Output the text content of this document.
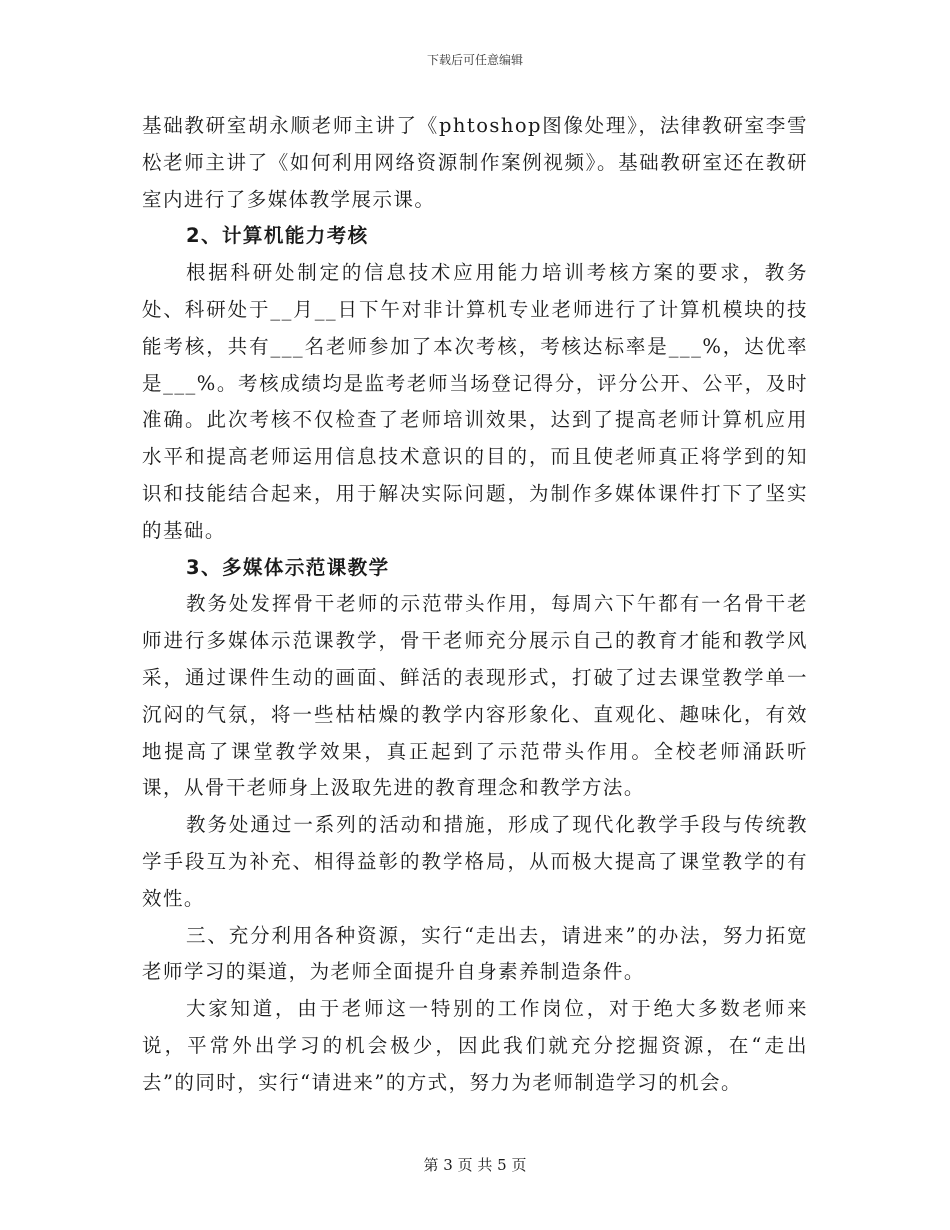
下载后可任意编辑

基础教研室胡永顺老师主讲了《phtoshop图像处理》，法律教研室李雪松老师主讲了《如何利用网络资源制作案例视频》。基础教研室还在教研室内进行了多媒体教学展示课。

2、计算机能力考核

根据科研处制定的信息技术应用能力培训考核方案的要求，教务处、科研处于__月__日下午对非计算机专业老师进行了计算机模块的技能考核，共有___名老师参加了本次考核，考核达标率是___%，达优率是___%。考核成绩均是监考老师当场登记得分，评分公开、公平，及时准确。此次考核不仅检查了老师培训效果，达到了提高老师计算机应用水平和提高老师运用信息技术意识的目的，而且使老师真正将学到的知识和技能结合起来，用于解决实际问题，为制作多媒体课件打下了坚实的基础。

3、多媒体示范课教学

教务处发挥骨干老师的示范带头作用，每周六下午都有一名骨干老师进行多媒体示范课教学，骨干老师充分展示自己的教育才能和教学风采，通过课件生动的画面、鲜活的表现形式，打破了过去课堂教学单一沉闷的气氛，将一些枯枯燥的教学内容形象化、直观化、趣味化，有效地提高了课堂教学效果，真正起到了示范带头作用。全校老师涌跃听课，从骨干老师身上汲取先进的教育理念和教学方法。

教务处通过一系列的活动和措施，形成了现代化教学手段与传统教学手段互为补充、相得益彰的教学格局，从而极大提高了课堂教学的有效性。

三、充分利用各种资源，实行“走出去，请进来”的办法，努力拓宽老师学习的渠道，为老师全面提升自身素养制造条件。

大家知道，由于老师这一特别的工作岗位，对于绝大多数老师来说，平常外出学习的机会极少，因此我们就充分挖掘资源，在“走出去”的同时，实行“请进来”的方式，努力为老师制造学习的机会。

第 3 页 共 5 页
